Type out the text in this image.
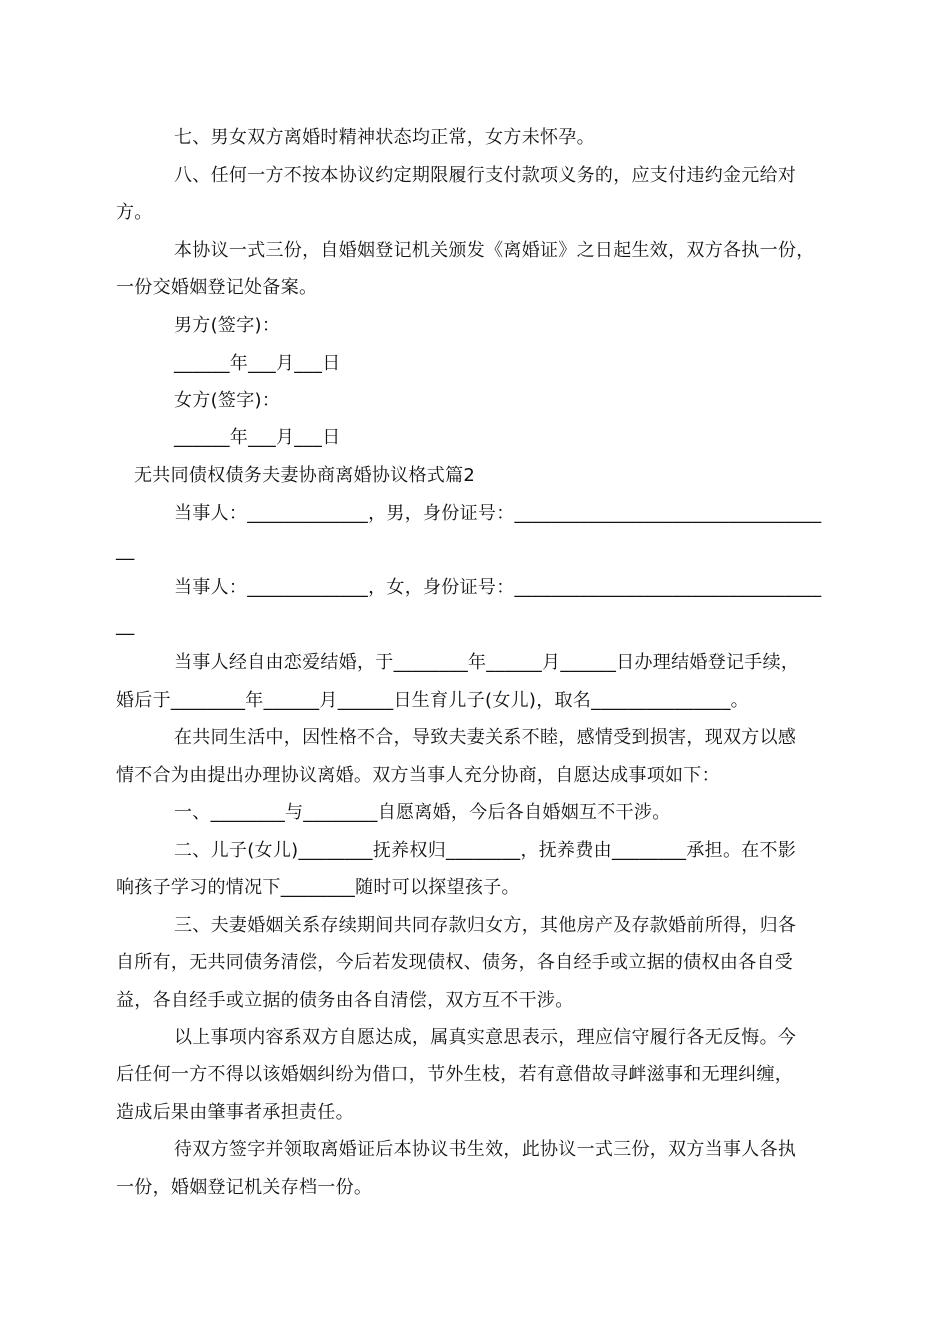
七、男女双方离婚时精神状态均正常，女方未怀孕。
八、任何一方不按本协议约定期限履行支付款项义务的，应支付违约金元给对
方。
本协议一式三份，自婚姻登记机关颁发《离婚证》之日起生效，双方各执一份，
一份交婚姻登记处备案。
男方(签字)：
______年___月___日
女方(签字)：
______年___月___日
无共同债权债务夫妻协商离婚协议格式篇2
当事人：_____________，男，身份证号：_________________________________
__
当事人：_____________，女，身份证号：_________________________________
__
当事人经自由恋爱结婚，于________年______月______日办理结婚登记手续，
婚后于________年______月______日生育儿子(女儿)，取名_______________。
在共同生活中，因性格不合，导致夫妻关系不睦，感情受到损害，现双方以感
情不合为由提出办理协议离婚。双方当事人充分协商，自愿达成事项如下：
一、________与________自愿离婚，今后各自婚姻互不干涉。
二、儿子(女儿)________抚养权归________，抚养费由________承担。在不影
响孩子学习的情况下________随时可以探望孩子。
三、夫妻婚姻关系存续期间共同存款归女方，其他房产及存款婚前所得，归各
自所有，无共同债务清偿，今后若发现债权、债务，各自经手或立据的债权由各自受
益，各自经手或立据的债务由各自清偿，双方互不干涉。
以上事项内容系双方自愿达成，属真实意思表示，理应信守履行各无反悔。今
后任何一方不得以该婚姻纠纷为借口，节外生枝，若有意借故寻衅滋事和无理纠缠，
造成后果由肇事者承担责任。
待双方签字并领取离婚证后本协议书生效，此协议一式三份，双方当事人各执
一份，婚姻登记机关存档一份。
